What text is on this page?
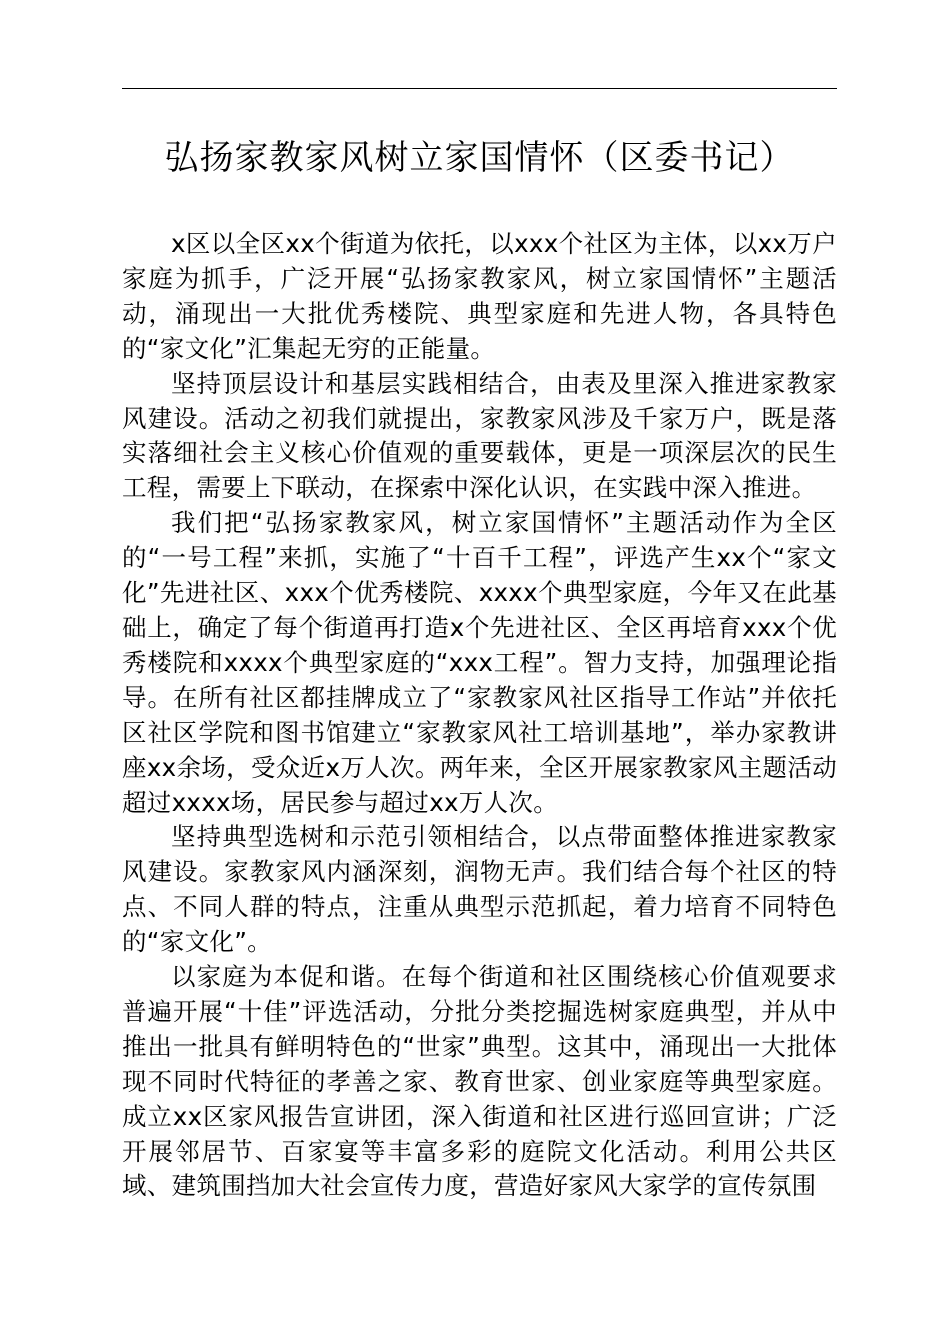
弘扬家教家风树立家国情怀（区委书记）

x区以全区xx个街道为依托，以xxx个社区为主体，以xx万户家庭为抓手，广泛开展“弘扬家教家风，树立家国情怀”主题活动，涌现出一大批优秀楼院、典型家庭和先进人物，各具特色的“家文化”汇集起无穷的正能量。

坚持顶层设计和基层实践相结合，由表及里深入推进家教家风建设。活动之初我们就提出，家教家风涉及千家万户，既是落实落细社会主义核心价值观的重要载体，更是一项深层次的民生工程，需要上下联动，在探索中深化认识，在实践中深入推进。

我们把“弘扬家教家风，树立家国情怀”主题活动作为全区的“一号工程”来抓，实施了“十百千工程”，评选产生xx个“家文化”先进社区、xxx个优秀楼院、xxxx个典型家庭，今年又在此基础上，确定了每个街道再打造x个先进社区、全区再培育xxx个优秀楼院和xxxx个典型家庭的“xxx工程”。智力支持，加强理论指导。在所有社区都挂牌成立了“家教家风社区指导工作站”并依托区社区学院和图书馆建立“家教家风社工培训基地”，举办家教讲座xx余场，受众近x万人次。两年来，全区开展家教家风主题活动超过xxxx场，居民参与超过xx万人次。

坚持典型选树和示范引领相结合，以点带面整体推进家教家风建设。家教家风内涵深刻，润物无声。我们结合每个社区的特点、不同人群的特点，注重从典型示范抓起，着力培育不同特色的“家文化”。

以家庭为本促和谐。在每个街道和社区围绕核心价值观要求普遍开展“十佳”评选活动，分批分类挖掘选树家庭典型，并从中推出一批具有鲜明特色的“世家”典型。这其中，涌现出一大批体现不同时代特征的孝善之家、教育世家、创业家庭等典型家庭。成立xx区家风报告宣讲团，深入街道和社区进行巡回宣讲；广泛开展邻居节、百家宴等丰富多彩的庭院文化活动。利用公共区域、建筑围挡加大社会宣传力度，营造好家风大家学的宣传氛围
